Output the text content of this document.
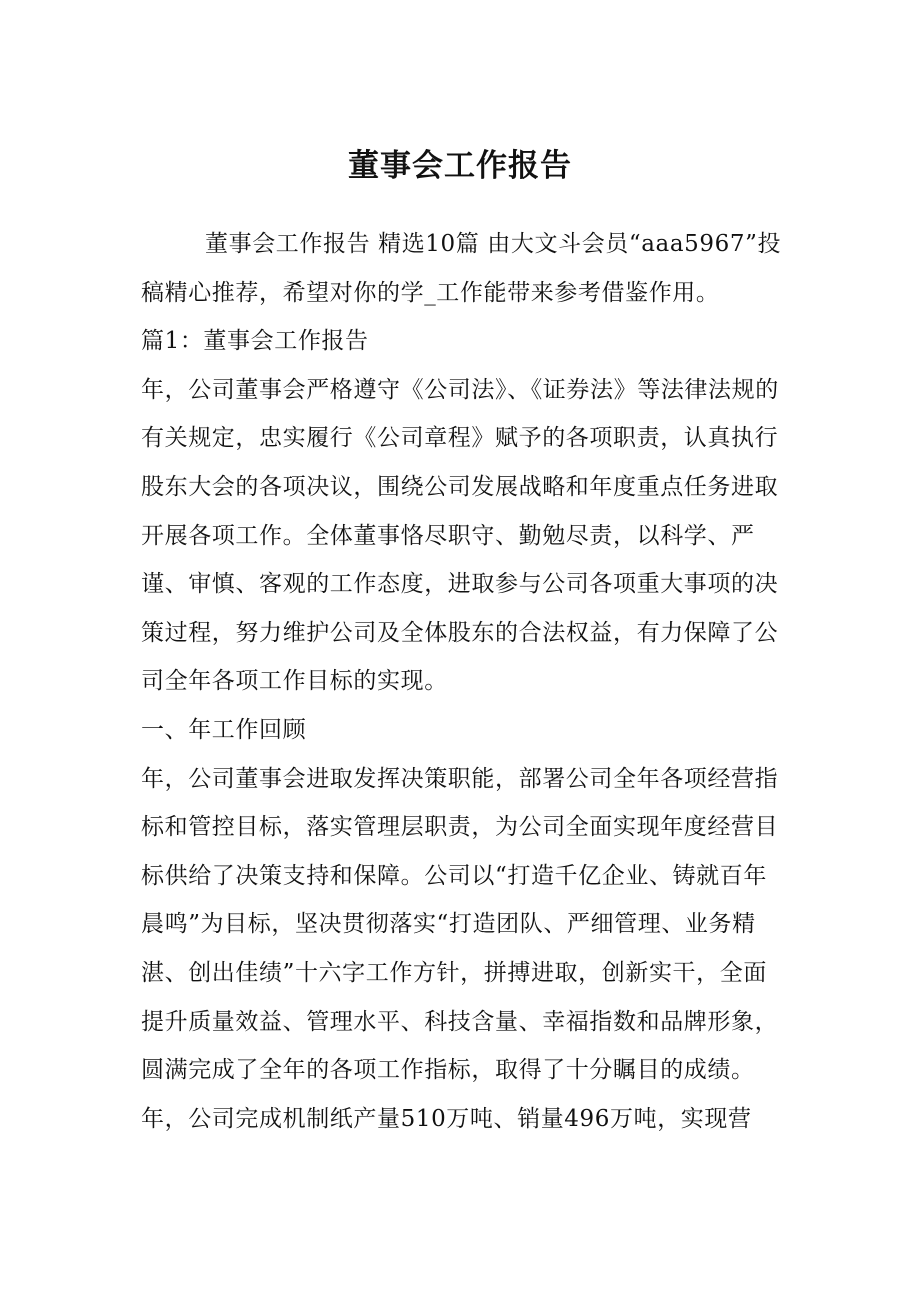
董事会工作报告

董事会工作报告 精选10篇 由大文斗会员“aaa5967”投稿精心推荐，希望对你的学_工作能带来参考借鉴作用。

篇1：董事会工作报告

年，公司董事会严格遵守《公司法》、《证券法》等法律法规的有关规定，忠实履行《公司章程》赋予的各项职责，认真执行股东大会的各项决议，围绕公司发展战略和年度重点任务进取开展各项工作。全体董事恪尽职守、勤勉尽责，以科学、严谨、审慎、客观的工作态度，进取参与公司各项重大事项的决策过程，努力维护公司及全体股东的合法权益，有力保障了公司全年各项工作目标的实现。

一、年工作回顾

年，公司董事会进取发挥决策职能，部署公司全年各项经营指标和管控目标，落实管理层职责，为公司全面实现年度经营目标供给了决策支持和保障。公司以“打造千亿企业、铸就百年晨鸣”为目标，坚决贯彻落实“打造团队、严细管理、业务精湛、创出佳绩”十六字工作方针，拼搏进取，创新实干，全面提升质量效益、管理水平、科技含量、幸福指数和品牌形象，圆满完成了全年的各项工作指标，取得了十分瞩目的成绩。

年，公司完成机制纸产量510万吨、销量496万吨，实现营
